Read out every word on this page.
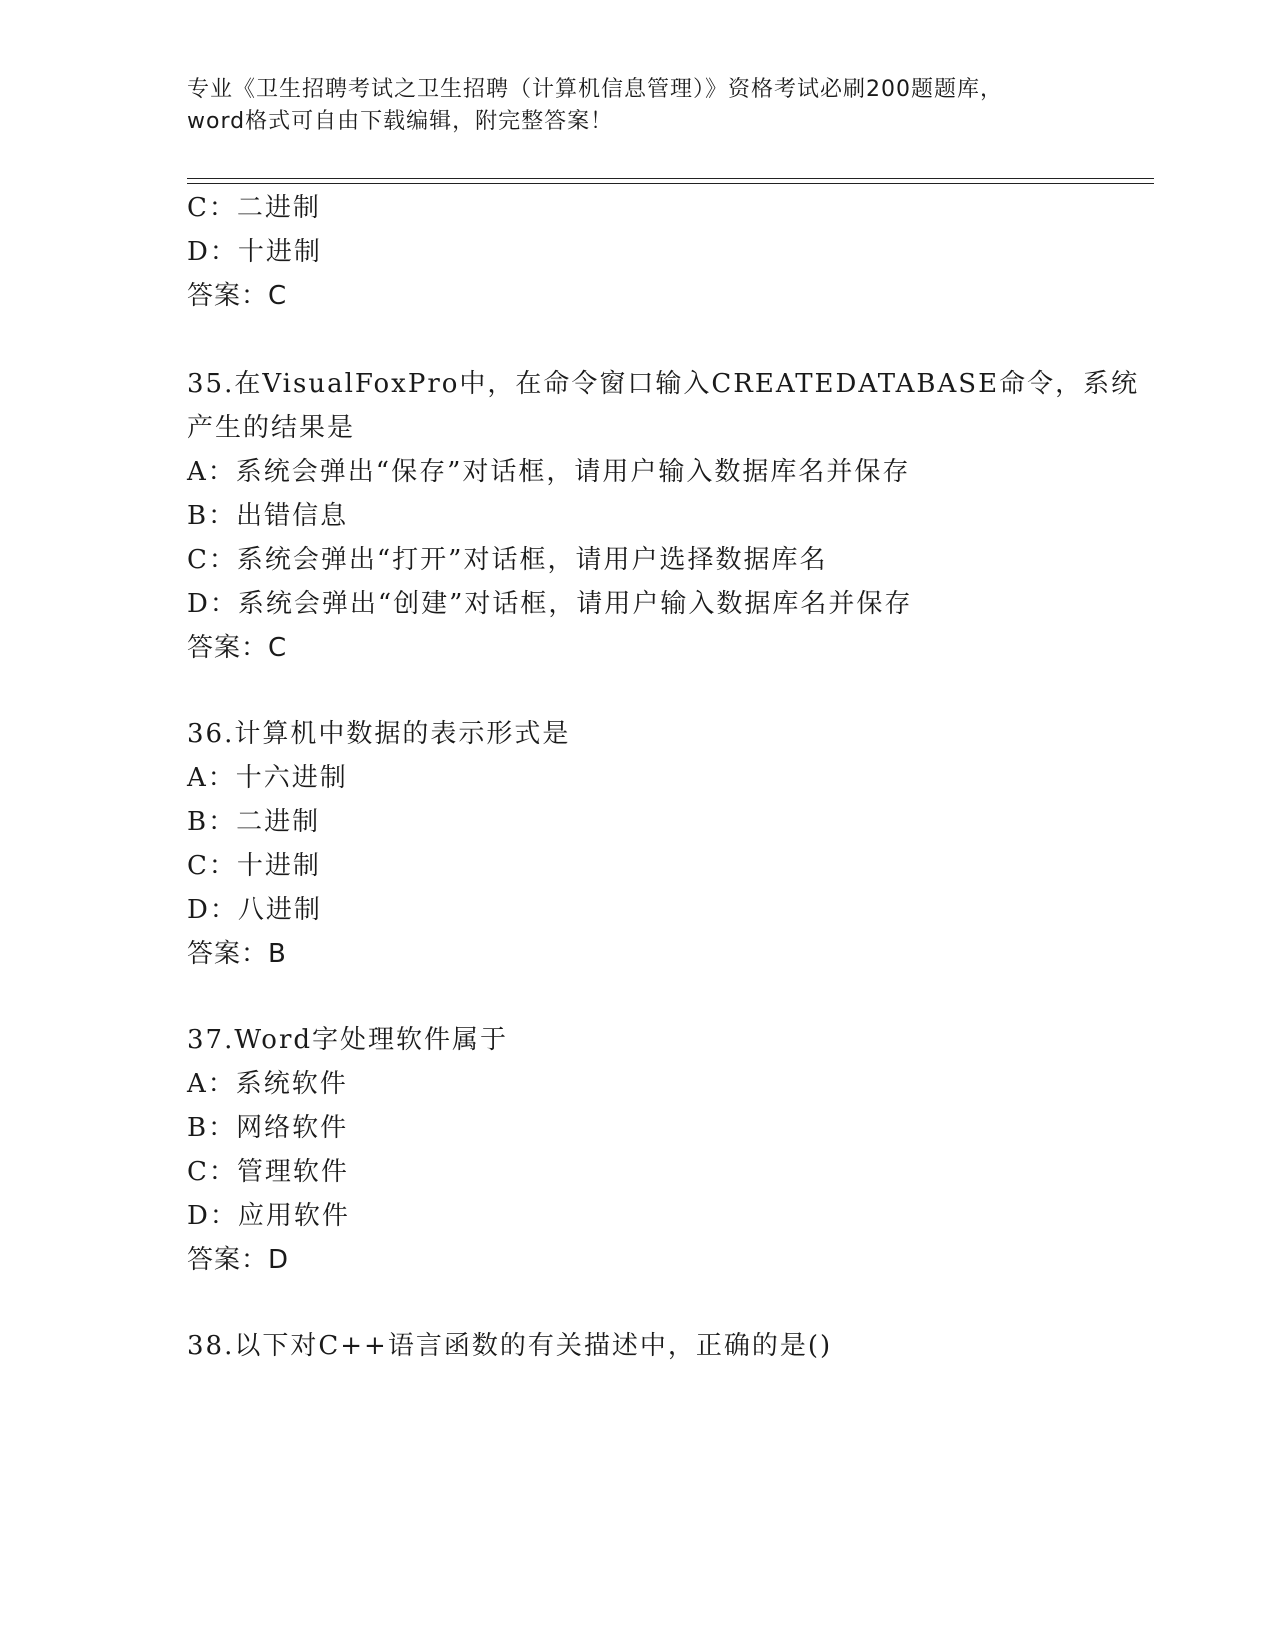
专业《卫生招聘考试之卫生招聘（计算机信息管理）》资格考试必刷200题题库，
word格式可自由下载编辑，附完整答案！
C：二进制
D：十进制
答案：C
35.在VisualFoxPro中，在命令窗口输入CREATEDATABASE命令，系统
产生的结果是
A：系统会弹出“保存”对话框，请用户输入数据库名并保存
B：出错信息
C：系统会弹出“打开”对话框，请用户选择数据库名
D：系统会弹出“创建”对话框，请用户输入数据库名并保存
答案：C
36.计算机中数据的表示形式是
A：十六进制
B：二进制
C：十进制
D：八进制
答案：B
37.Word字处理软件属于
A：系统软件
B：网络软件
C：管理软件
D：应用软件
答案：D
38.以下对C++语言函数的有关描述中，正确的是()
